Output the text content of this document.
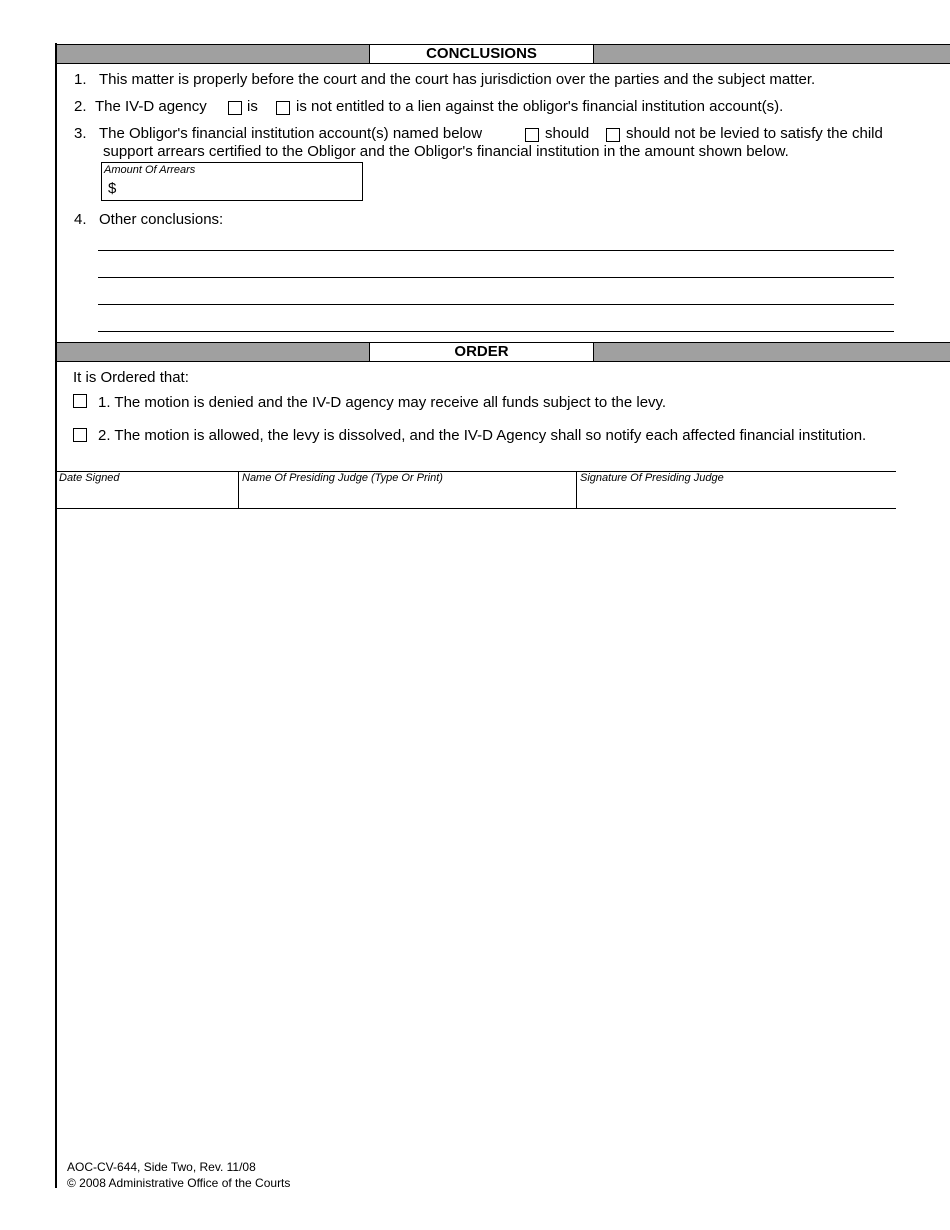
CONCLUSIONS
1. This matter is properly before the court and the court has jurisdiction over the parties and the subject matter.
2. The IV-D agency	is	is not entitled to a lien against the obligor's financial institution account(s).
3. The Obligor's financial institution account(s) named below	should should not be levied to satisfy the child
support arrears certified to the Obligor and the Obligor's financial institution in the amount shown below.
Amount Of Arrears
$
4. Other conclusions:
ORDER
It is Ordered that:
1. The motion is denied and the IV-D agency may receive all funds subject to the levy.
2. The motion is allowed, the levy is dissolved, and the IV-D Agency shall so notify each affected financial institution.
Date Signed	Name Of Presiding Judge (Type Or Print)	Signature Of Presiding Judge
AOC-CV-644, Side Two, Rev. 11/08
© 2008 Administrative Office of the Courts
